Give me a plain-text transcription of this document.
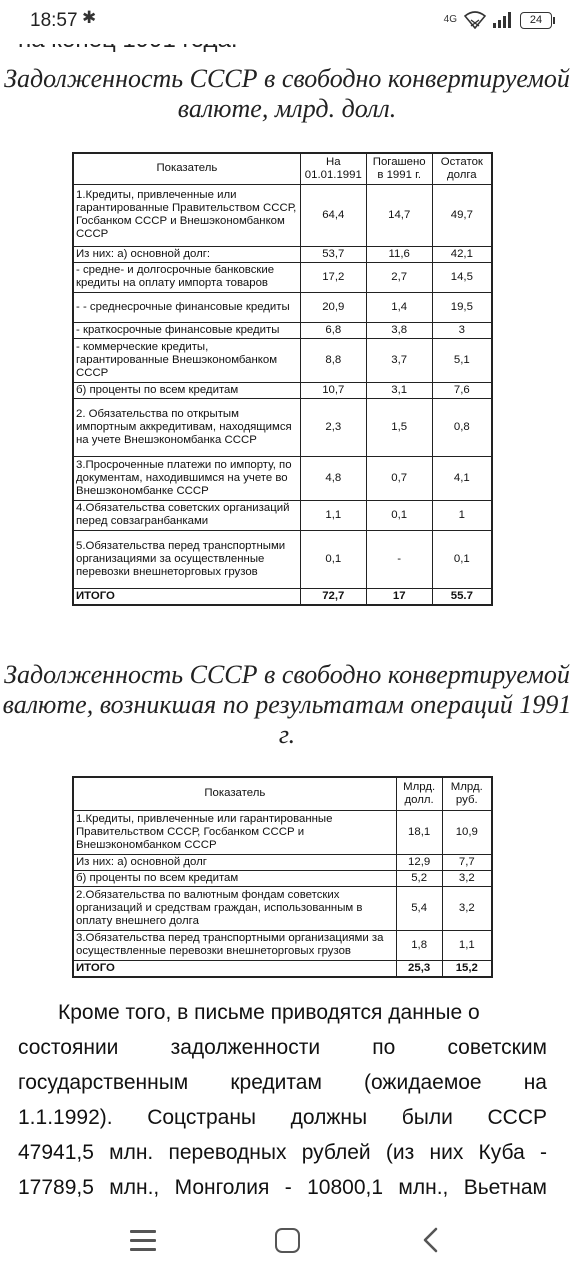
Задолженность СССР в свободно конвертируемой валюте, млрд. долл.
Показатель	На 01.01.1991	Погашено в 1991 г.	Остаток долга
1.Кредиты, привлеченные или гарантированные Правительством СССР, Госбанком СССР и Внешэкономбанком СССР	64,4	14,7	49,7
Из них: а) основной долг:	53,7	11,6	42,1
- средне- и долгосрочные банковские кредиты на оплату импорта товаров	17,2	2,7	14,5
- - среднесрочные финансовые кредиты	20,9	1,4	19,5
- краткосрочные финансовые кредиты	6,8	3,8	3
- коммерческие кредиты, гарантированные Внешэкономбанком СССР	8,8	3,7	5,1
б) проценты по всем кредитам	10,7	3,1	7,6
2. Обязательства по открытым импортным аккредитивам, находящимся на учете Внешэкономбанка СССР	2,3	1,5	0,8
3.Просроченные платежи по импорту, по документам, находившимся на учете во Внешэкономбанке СССР	4,8	0,7	4,1
4.Обязательства советских организаций перед совзагранбанками	1,1	0,1	1
5.Обязательства перед транспортными организациями за осуществленные перевозки внешнеторговых грузов	0,1	-	0,1
ИТОГО	72,7	17	55.7
Задолженность СССР в свободно конвертируемой валюте, возникшая по результатам операций 1991 г.
Показатель	Млрд. долл.	Млрд. руб.
1.Кредиты, привлеченные или гарантированные Правительством СССР, Госбанком СССР и Внешэкономбанком СССР	18,1	10,9
Из них: а) основной долг	12,9	7,7
б) проценты по всем кредитам	5,2	3,2
2.Обязательства по валютным фондам советских организаций и средствам граждан, использованным в оплату внешнего долга	5,4	3,2
3.Обязательства перед транспортными организациями за осуществленные перевозки внешнеторговых грузов	1,8	1,1
ИТОГО	25,3	15,2
Кроме того, в письме приводятся данные о
состоянии задолженности по советским
государственным кредитам (ожидаемое на
1.1.1992). Соцстраны должны были СССР
47941,5 млн. переводных рублей (из них Куба -
17789,5 млн., Монголия - 10800,1 млн., Вьетнам
18:57 ✱	4G	24
